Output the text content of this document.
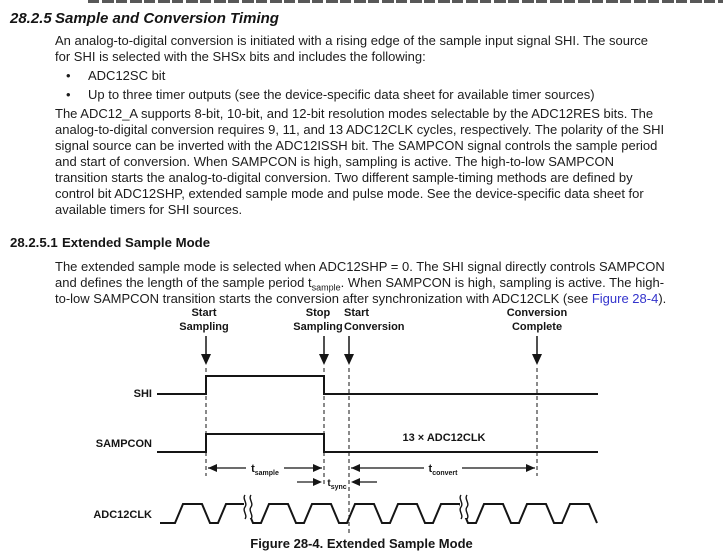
28.2.5 Sample and Conversion Timing
An analog-to-digital conversion is initiated with a rising edge of the sample input signal SHI. The source
for SHI is selected with the SHSx bits and includes the following:
• ADC12SC bit
• Up to three timer outputs (see the device-specific data sheet for available timer sources)
The ADC12_A supports 8-bit, 10-bit, and 12-bit resolution modes selectable by the ADC12RES bits. The
analog-to-digital conversion requires 9, 11, and 13 ADC12CLK cycles, respectively. The polarity of the SHI
signal source can be inverted with the ADC12ISSH bit. The SAMPCON signal controls the sample period
and start of conversion. When SAMPCON is high, sampling is active. The high-to-low SAMPCON
transition starts the analog-to-digital conversion. Two different sample-timing methods are defined by
control bit ADC12SHP, extended sample mode and pulse mode. See the device-specific data sheet for
available timers for SHI sources.
28.2.5.1 Extended Sample Mode
The extended sample mode is selected when ADC12SHP = 0. The SHI signal directly controls SAMPCON
and defines the length of the sample period $t_{sample}$. When SAMPCON is high, sampling is active. The high-
to-low SAMPCON transition starts the conversion after synchronization with ADC12CLK (see Figure 28-4).
Start
Sampling
Stop
Sampling
Start
Conversion
Conversion
Complete
SHI
SAMPCON
ADC12CLK
13 × ADC12CLK
$t_{sample}$	$t_{convert}$
$t_{sync}$
Figure 28-4. Extended Sample Mode
